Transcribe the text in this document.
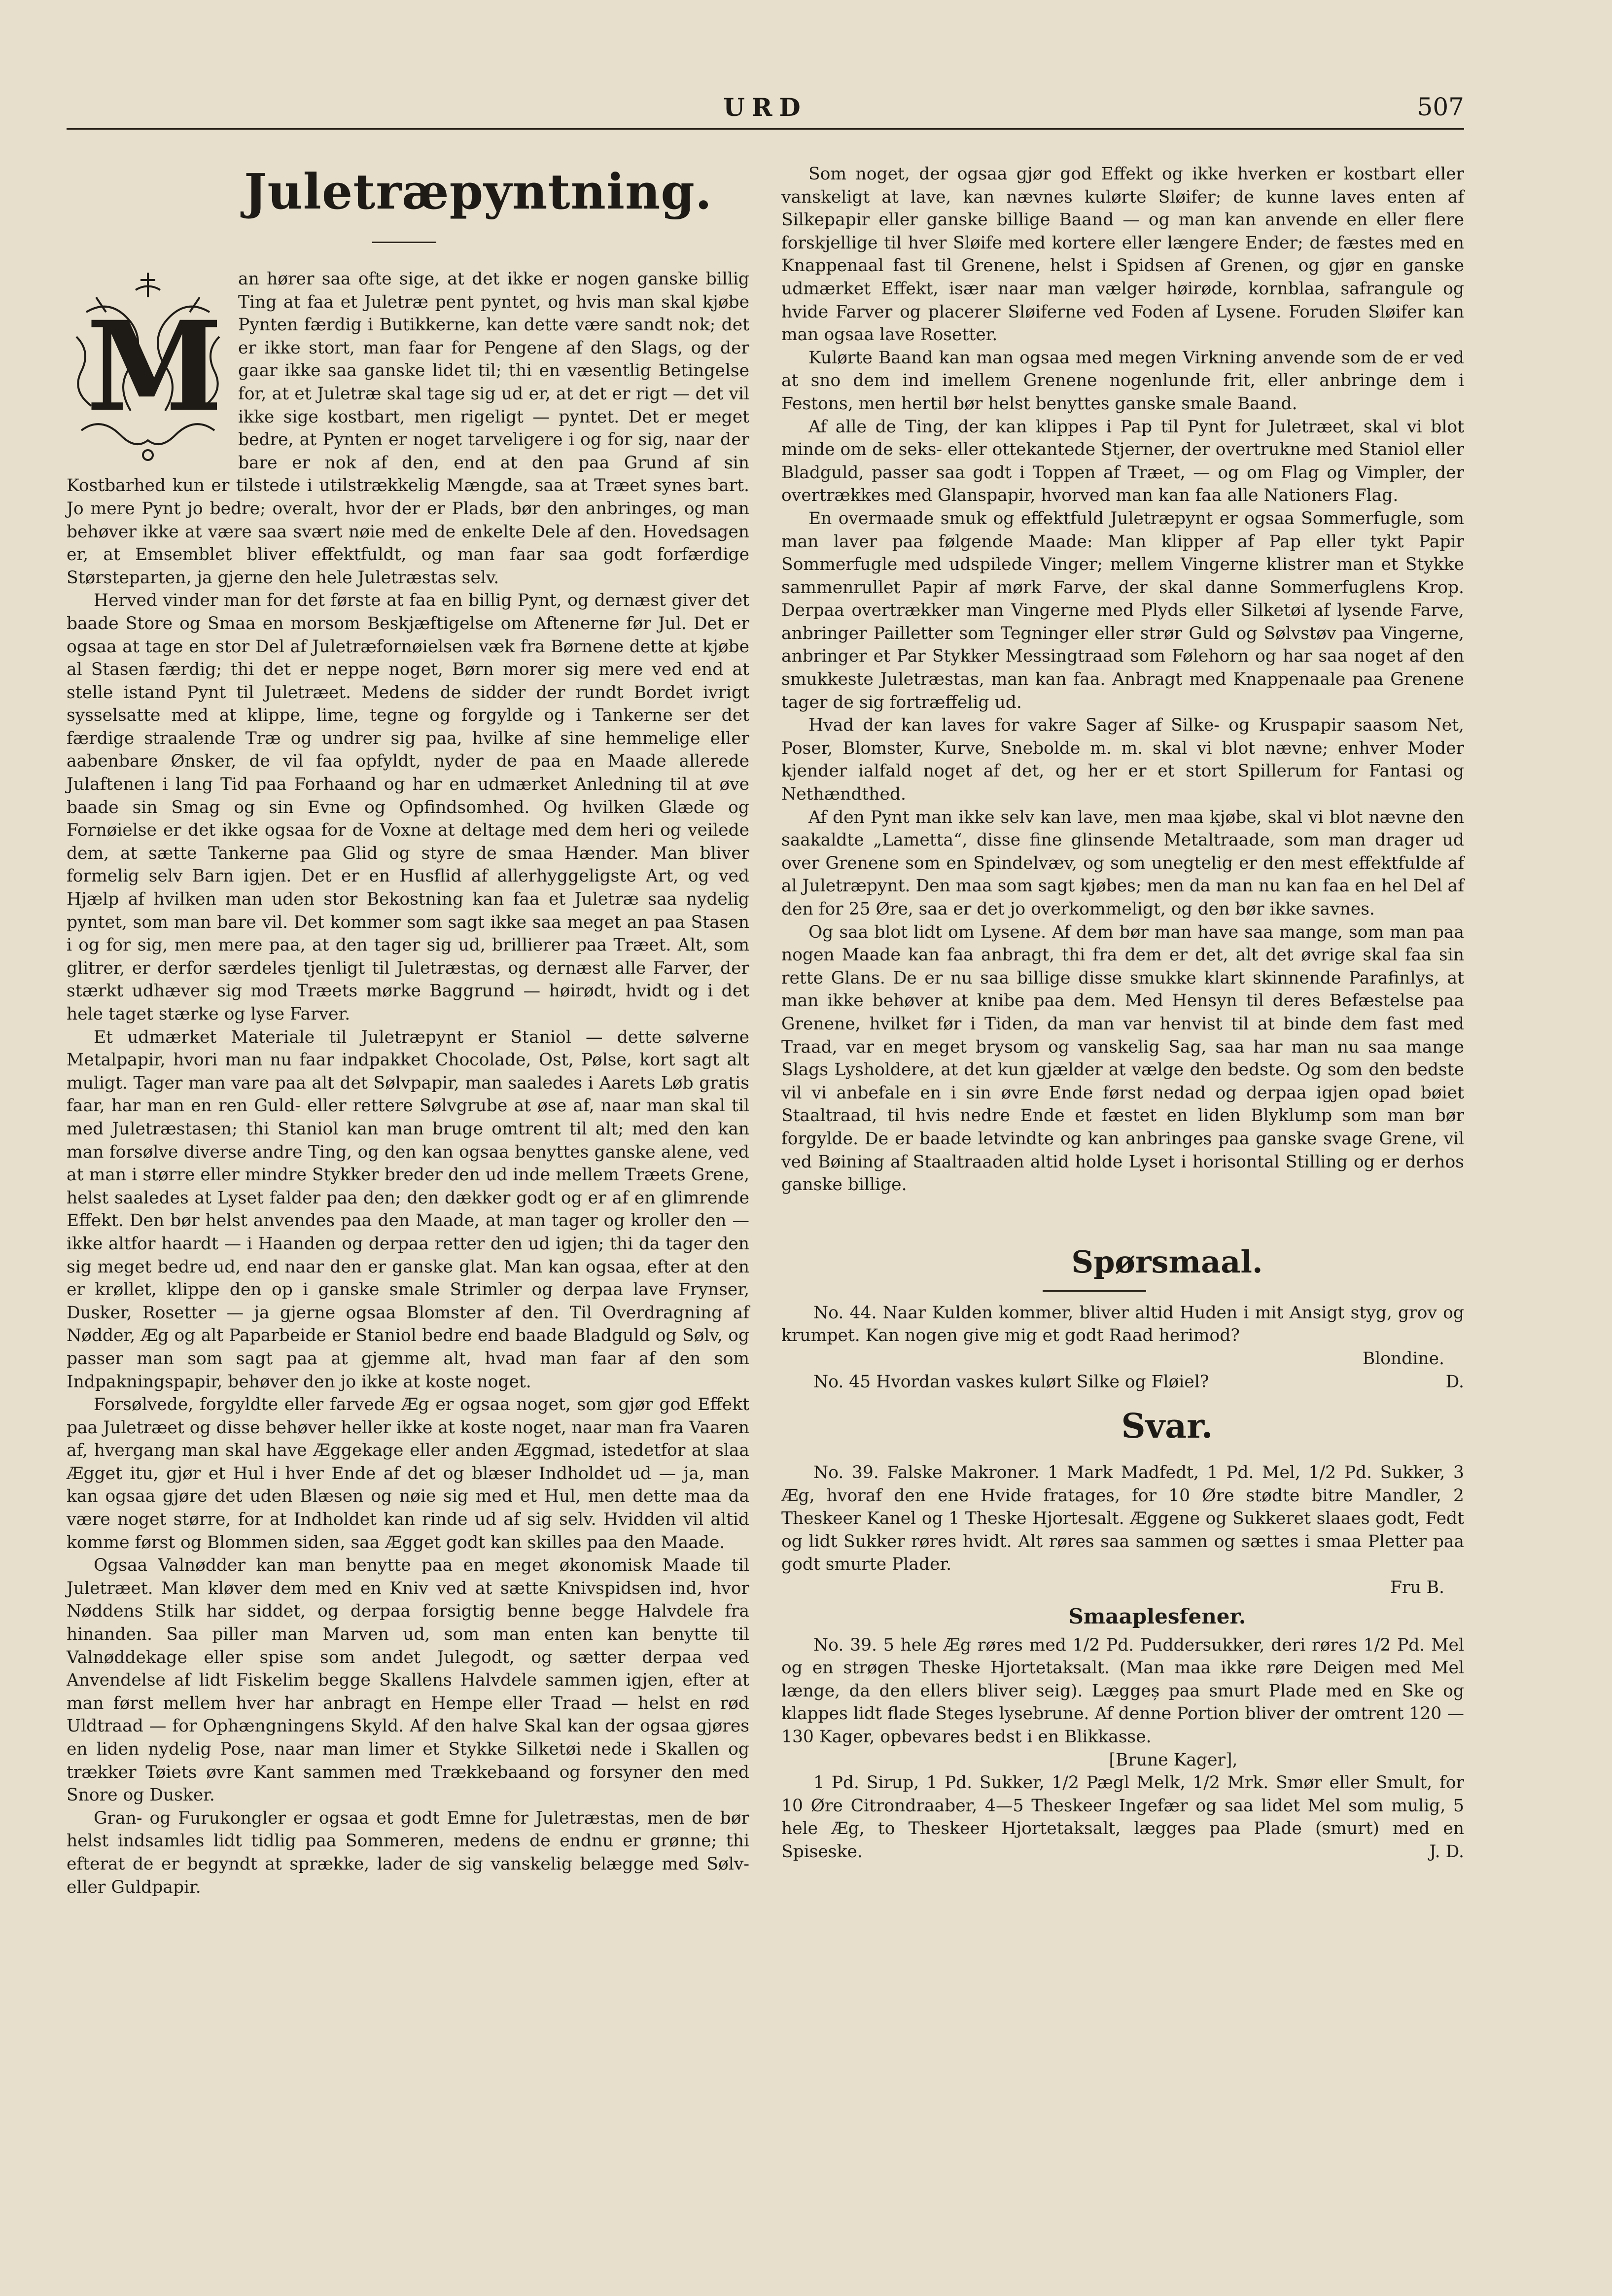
URD	507
Juletræpyntning.
M

an hører saa ofte sige, at det ikke er nogen ganske billig Ting at faa et Juletræ pent pyntet, og hvis man skal kjøbe Pynten færdig i Butikkerne, kan dette være sandt nok; det er ikke stort, man faar for Pengene af den Slags, og der gaar ikke saa ganske lidet til; thi en væsentlig Betingelse for, at et Juletræ skal tage sig ud er, at det er rigt — det vil ikke sige kostbart, men rigeligt — pyntet. Det er meget bedre, at Pynten er noget tarveligere i og for sig, naar der bare er nok af den, end at den paa Grund af sin Kostbarhed kun er tilstede i utilstrækkelig Mængde, saa at Træet synes bart. Jo mere Pynt jo bedre; overalt, hvor der er Plads, bør den anbringes, og man behøver ikke at være saa svært nøie med de enkelte Dele af den. Hovedsagen er, at Emsemblet bliver effektfuldt, og man faar saa godt forfærdige Størsteparten, ja gjerne den hele Juletræstas selv.

Herved vinder man for det første at faa en billig Pynt, og dernæst giver det baade Store og Smaa en morsom Beskjæftigelse om Aftenerne før Jul. Det er ogsaa at tage en stor Del af Juletræfornøielsen væk fra Børnene dette at kjøbe al Stasen færdig; thi det er neppe noget, Børn morer sig mere ved end at stelle istand Pynt til Juletræet. Medens de sidder der rundt Bordet ivrigt sysselsatte med at klippe, lime, tegne og forgylde og i Tankerne ser det færdige straalende Træ og undrer sig paa, hvilke af sine hemmelige eller aabenbare Ønsker, de vil faa opfyldt, nyder de paa en Maade allerede Julaftenen i lang Tid paa Forhaand og har en udmærket Anledning til at øve baade sin Smag og sin Evne og Opfindsomhed. Og hvilken Glæde og Fornøielse er det ikke ogsaa for de Voxne at deltage med dem heri og veilede dem, at sætte Tankerne paa Glid og styre de smaa Hænder. Man bliver formelig selv Barn igjen. Det er en Husflid af allerhyggeligste Art, og ved Hjælp af hvilken man uden stor Bekostning kan faa et Juletræ saa nydelig pyntet, som man bare vil. Det kommer som sagt ikke saa meget an paa Stasen i og for sig, men mere paa, at den tager sig ud, brillierer paa Træet. Alt, som glitrer, er derfor særdeles tjenligt til Juletræstas, og dernæst alle Farver, der stærkt udhæver sig mod Træets mørke Baggrund — høirødt, hvidt og i det hele taget stærke og lyse Farver.

Et udmærket Materiale til Juletræpynt er Staniol — dette sølverne Metalpapir, hvori man nu faar indpakket Chocolade, Ost, Pølse, kort sagt alt muligt. Tager man vare paa alt det Sølvpapir, man saaledes i Aarets Løb gratis faar, har man en ren Guld- eller rettere Sølvgrube at øse af, naar man skal til med Juletræstasen; thi Staniol kan man bruge omtrent til alt; med den kan man forsølve diverse andre Ting, og den kan ogsaa benyttes ganske alene, ved at man i større eller mindre Stykker breder den ud inde mellem Træets Grene, helst saaledes at Lyset falder paa den; den dækker godt og er af en glimrende Effekt. Den bør helst anvendes paa den Maade, at man tager og kroller den — ikke altfor haardt — i Haanden og derpaa retter den ud igjen; thi da tager den sig meget bedre ud, end naar den er ganske glat. Man kan ogsaa, efter at den er krøllet, klippe den op i ganske smale Strimler og derpaa lave Frynser, Dusker, Rosetter — ja gjerne ogsaa Blomster af den. Til Overdragning af Nødder, Æg og alt Paparbeide er Staniol bedre end baade Bladguld og Sølv, og passer man som sagt paa at gjemme alt, hvad man faar af den som Indpakningspapir, behøver den jo ikke at koste noget.

Forsølvede, forgyldte eller farvede Æg er ogsaa noget, som gjør god Effekt paa Juletræet og disse behøver heller ikke at koste noget, naar man fra Vaaren af, hvergang man skal have Æggekage eller anden Æggmad, istedetfor at slaa Ægget itu, gjør et Hul i hver Ende af det og blæser Indholdet ud — ja, man kan ogsaa gjøre det uden Blæsen og nøie sig med et Hul, men dette maa da være noget større, for at Indholdet kan rinde ud af sig selv. Hvidden vil altid komme først og Blommen siden, saa Ægget godt kan skilles paa den Maade.

Ogsaa Valnødder kan man benytte paa en meget økonomisk Maade til Juletræet. Man kløver dem med en Kniv ved at sætte Knivspidsen ind, hvor Nøddens Stilk har siddet, og derpaa forsigtig benne begge Halvdele fra hinanden. Saa piller man Marven ud, som man enten kan benytte til Valnøddekage eller spise som andet Julegodt, og sætter derpaa ved Anvendelse af lidt Fiskelim begge Skallens Halvdele sammen igjen, efter at man først mellem hver har anbragt en Hempe eller Traad — helst en rød Uldtraad — for Ophængningens Skyld. Af den halve Skal kan der ogsaa gjøres en liden nydelig Pose, naar man limer et Stykke Silketøi nede i Skallen og trækker Tøiets øvre Kant sammen med Trækkebaand og forsyner den med Snore og Dusker.

Gran- og Furukongler er ogsaa et godt Emne for Juletræstas, men de bør helst indsamles lidt tidlig paa Sommeren, medens de endnu er grønne; thi efterat de er begyndt at sprække, lader de sig vanskelig belægge med Sølv- eller Guldpapir.

Som noget, der ogsaa gjør god Effekt og ikke hverken er kostbart eller vanskeligt at lave, kan nævnes kulørte Sløifer; de kunne laves enten af Silkepapir eller ganske billige Baand — og man kan anvende en eller flere forskjellige til hver Sløife med kortere eller længere Ender; de fæstes med en Knappenaal fast til Grenene, helst i Spidsen af Grenen, og gjør en ganske udmærket Effekt, især naar man vælger høirøde, kornblaa, safrangule og hvide Farver og placerer Sløiferne ved Foden af Lysene. Foruden Sløifer kan man ogsaa lave Rosetter.

Kulørte Baand kan man ogsaa med megen Virkning anvende som de er ved at sno dem ind imellem Grenene nogenlunde frit, eller anbringe dem i Festons, men hertil bør helst benyttes ganske smale Baand.

Af alle de Ting, der kan klippes i Pap til Pynt for Juletræet, skal vi blot minde om de seks- eller ottekantede Stjerner, der overtrukne med Staniol eller Bladguld, passer saa godt i Toppen af Træet, — og om Flag og Vimpler, der overtrækkes med Glanspapir, hvorved man kan faa alle Nationers Flag.

En overmaade smuk og effektfuld Juletræpynt er ogsaa Sommerfugle, som man laver paa følgende Maade: Man klipper af Pap eller tykt Papir Sommerfugle med udspilede Vinger; mellem Vingerne klistrer man et Stykke sammenrullet Papir af mørk Farve, der skal danne Sommerfuglens Krop. Derpaa overtrækker man Vingerne med Plyds eller Silketøi af lysende Farve, anbringer Pailletter som Tegninger eller strør Guld og Sølvstøv paa Vingerne, anbringer et Par Stykker Messingtraad som Følehorn og har saa noget af den smukkeste Juletræstas, man kan faa. Anbragt med Knappenaale paa Grenene tager de sig fortræffelig ud.

Hvad der kan laves for vakre Sager af Silke- og Kruspapir saasom Net, Poser, Blomster, Kurve, Snebolde m. m. skal vi blot nævne; enhver Moder kjender ialfald noget af det, og her er et stort Spillerum for Fantasi og Nethændthed.

Af den Pynt man ikke selv kan lave, men maa kjøbe, skal vi blot nævne den saakaldte „Lametta“, disse fine glinsende Metaltraade, som man drager ud over Grenene som en Spindelvæv, og som unegtelig er den mest effektfulde af al Juletræpynt. Den maa som sagt kjøbes; men da man nu kan faa en hel Del af den for 25 Øre, saa er det jo overkommeligt, og den bør ikke savnes.

Og saa blot lidt om Lysene. Af dem bør man have saa mange, som man paa nogen Maade kan faa anbragt, thi fra dem er det, alt det øvrige skal faa sin rette Glans. De er nu saa billige disse smukke klart skinnende Parafinlys, at man ikke behøver at knibe paa dem. Med Hensyn til deres Befæstelse paa Grenene, hvilket før i Tiden, da man var henvist til at binde dem fast med Traad, var en meget brysom og vanskelig Sag, saa har man nu saa mange Slags Lysholdere, at det kun gjælder at vælge den bedste. Og som den bedste vil vi anbefale en i sin øvre Ende først nedad og derpaa igjen opad bøiet Staaltraad, til hvis nedre Ende et fæstet en liden Blyklump som man bør forgylde. De er baade letvindte og kan anbringes paa ganske svage Grene, vil ved Bøining af Staaltraaden altid holde Lyset i horisontal Stilling og er derhos ganske billige.

Spørsmaal.

No. 44. Naar Kulden kommer, bliver altid Huden i mit Ansigt styg, grov og krumpet. Kan nogen give mig et godt Raad herimod?

Blondine.

No. 45 Hvordan vaskes kulørt Silke og Fløiel?	D.

Svar.

No. 39. Falske Makroner. 1 Mark Madfedt, 1 Pd. Mel, 1/2 Pd. Sukker, 3 Æg, hvoraf den ene Hvide fratages, for 10 Øre stødte bitre Mandler, 2 Theskeer Kanel og 1 Theske Hjortesalt. Æggene og Sukkeret slaaes godt, Fedt og lidt Sukker røres hvidt. Alt røres saa sammen og sættes i smaa Pletter paa godt smurte Plader.

Fru B.

Smaaplesfener.

No. 39. 5 hele Æg røres med 1/2 Pd. Puddersukker, deri røres 1/2 Pd. Mel og en strøgen Theske Hjortetaksalt. (Man maa ikke røre Deigen med Mel længe, da den ellers bliver seig). Læggeș paa smurt Plade med en Ske og klappes lidt flade Steges lysebrune. Af denne Portion bliver der omtrent 120 — 130 Kager, opbevares bedst i en Blikkasse.

[Brune Kager],

1 Pd. Sirup, 1 Pd. Sukker, 1/2 Pægl Melk, 1/2 Mrk. Smør eller Smult, for 10 Øre Citrondraaber, 4—5 Theskeer Ingefær og saa lidet Mel som mulig, 5 hele Æg, to Theskeer Hjortetaksalt, lægges paa Plade (smurt) med en Spiseske.	J. D.
